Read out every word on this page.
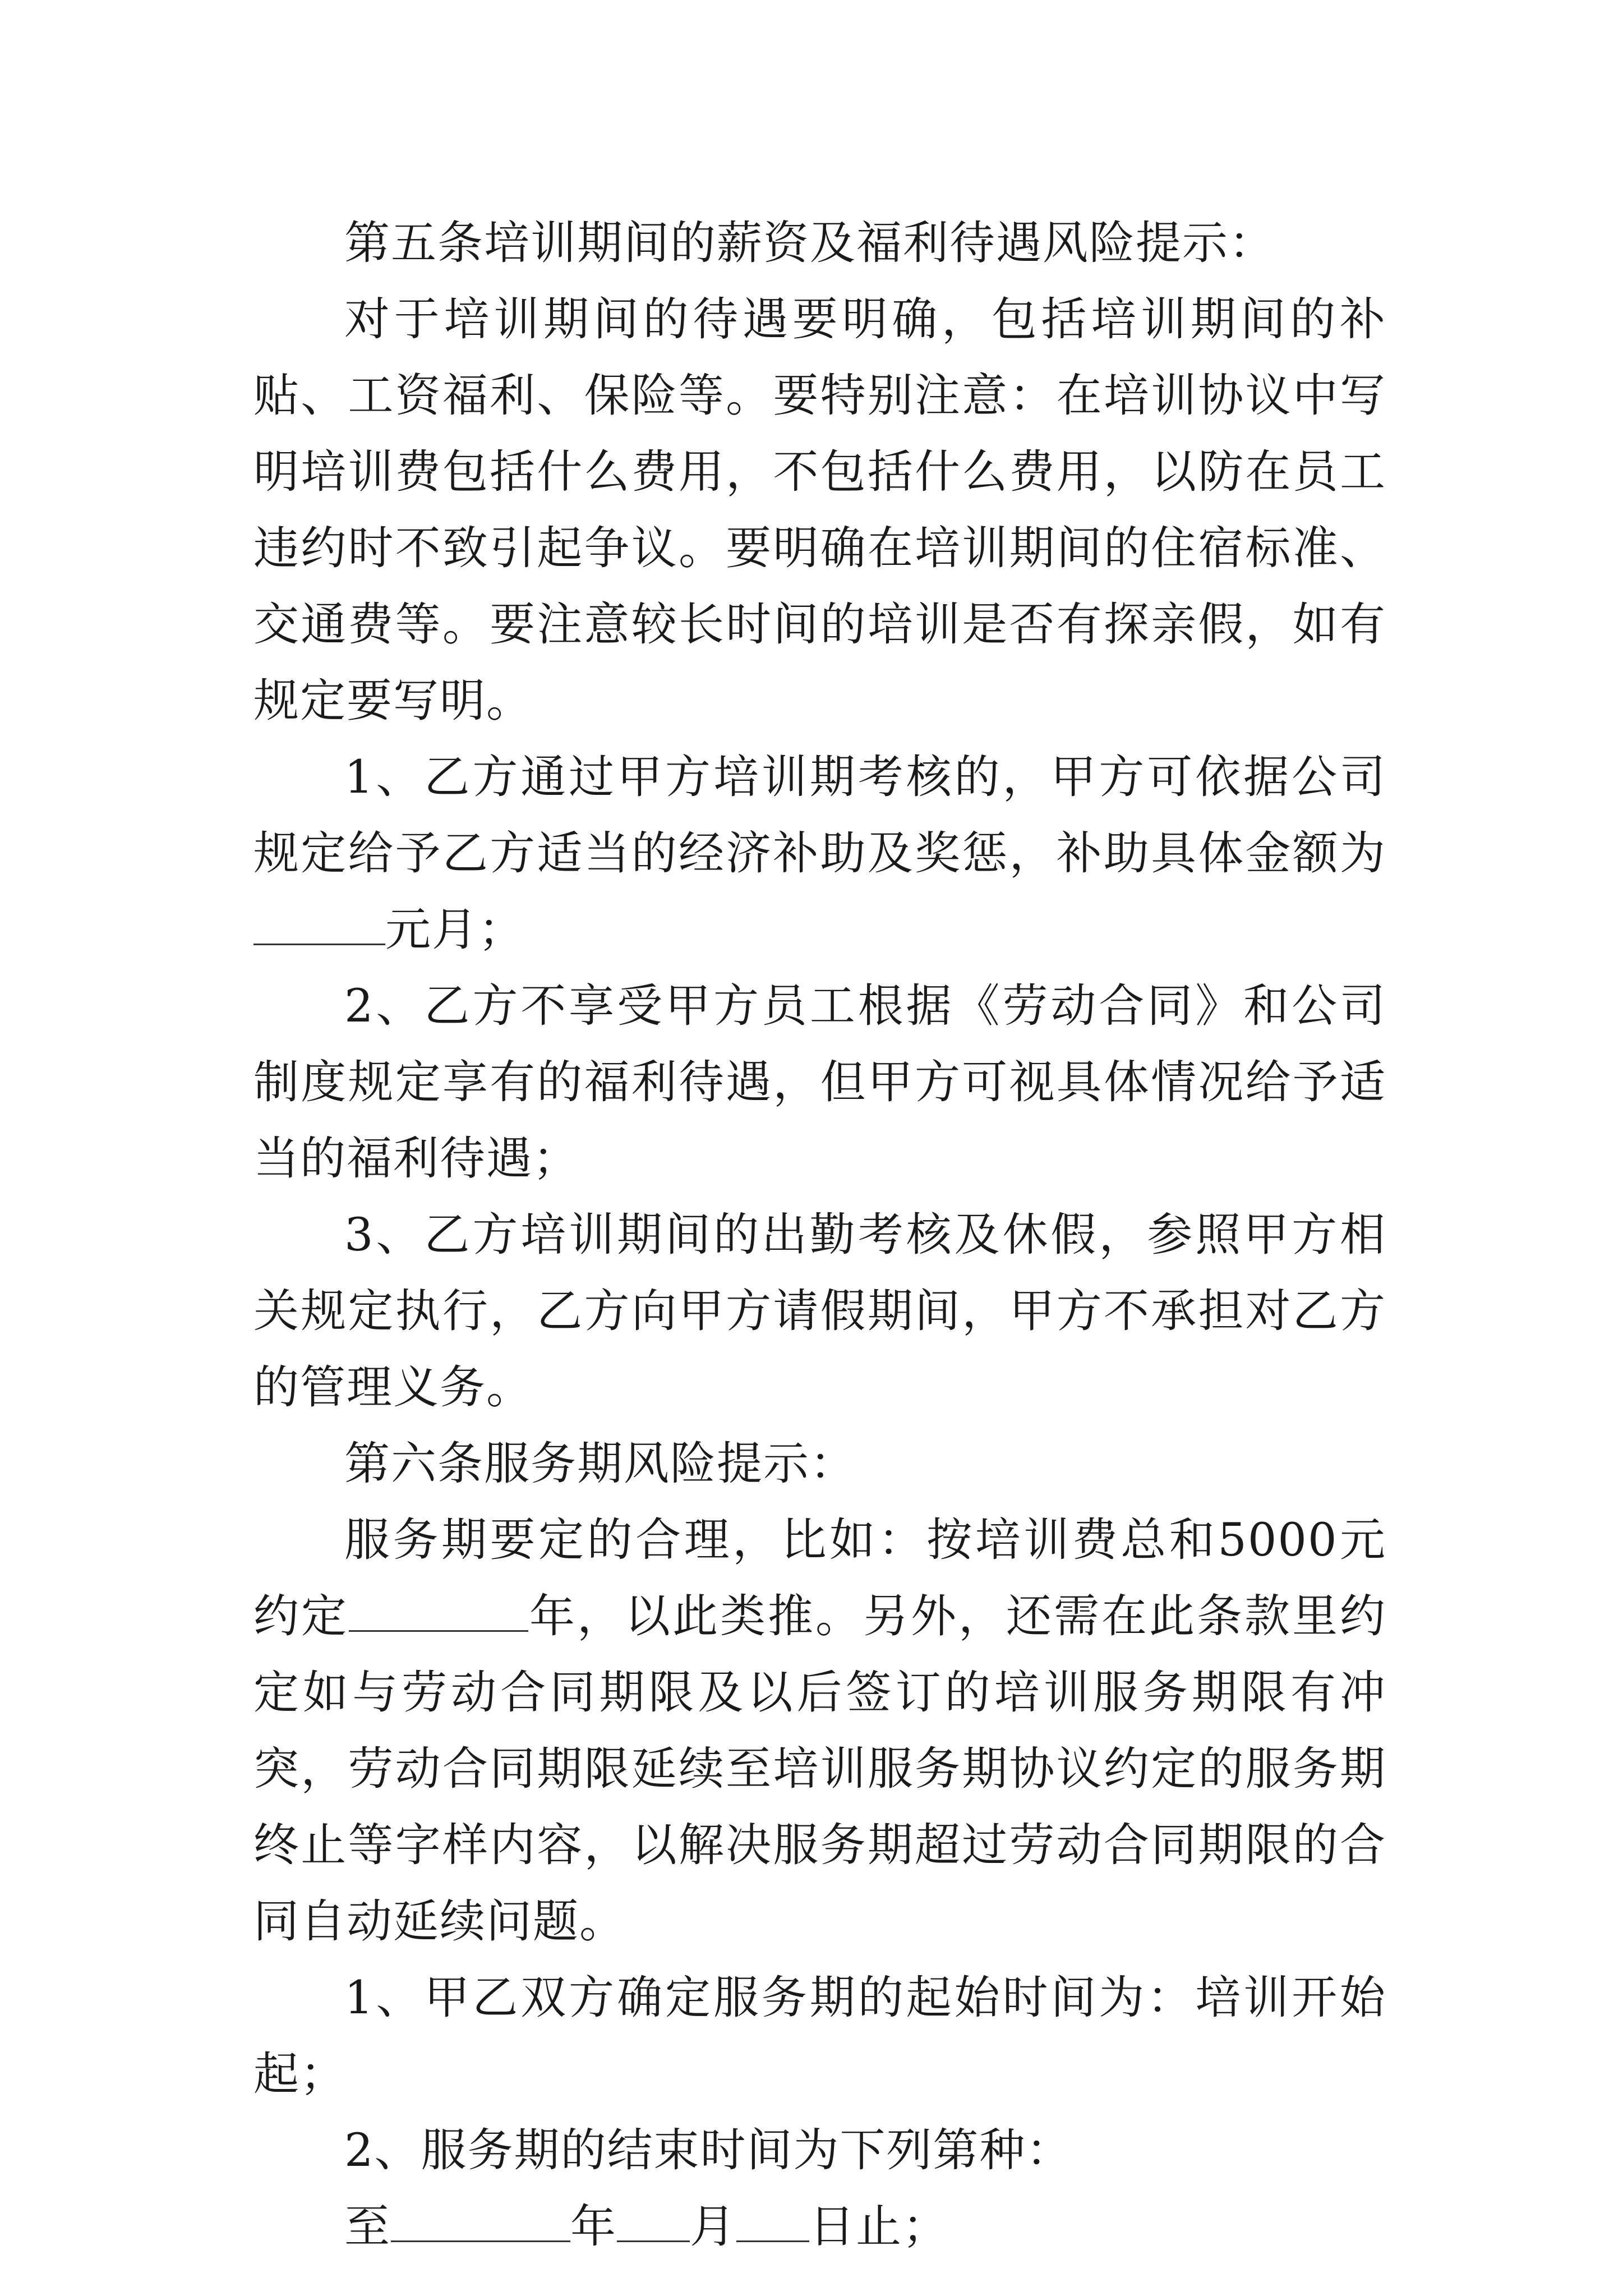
第五条培训期间的薪资及福利待遇风险提示：

对于培训期间的待遇要明确，包括培训期间的补贴、工资福利、保险等。要特别注意：在培训协议中写明培训费包括什么费用，不包括什么费用，以防在员工违约时不致引起争议。要明确在培训期间的住宿标准、交通费等。要注意较长时间的培训是否有探亲假，如有规定要写明。

1、乙方通过甲方培训期考核的，甲方可依据公司规定给予乙方适当的经济补助及奖惩，补助具体金额为元月；

2、乙方不享受甲方员工根据《劳动合同》和公司制度规定享有的福利待遇，但甲方可视具体情况给予适当的福利待遇；

3、乙方培训期间的出勤考核及休假，参照甲方相关规定执行，乙方向甲方请假期间，甲方不承担对乙方的管理义务。

第六条服务期风险提示：

服务期要定的合理，比如：按培训费总和5000元约定	年，以此类推。另外，还需在此条款里约定如与劳动合同期限及以后签订的培训服务期限有冲突，劳动合同期限延续至培训服务期协议约定的服务期终止等字样内容，以解决服务期超过劳动合同期限的合同自动延续问题。

1、甲乙双方确定服务期的起始时间为：培训开始起；

2、服务期的结束时间为下列第种：

至	年 月 日止；
